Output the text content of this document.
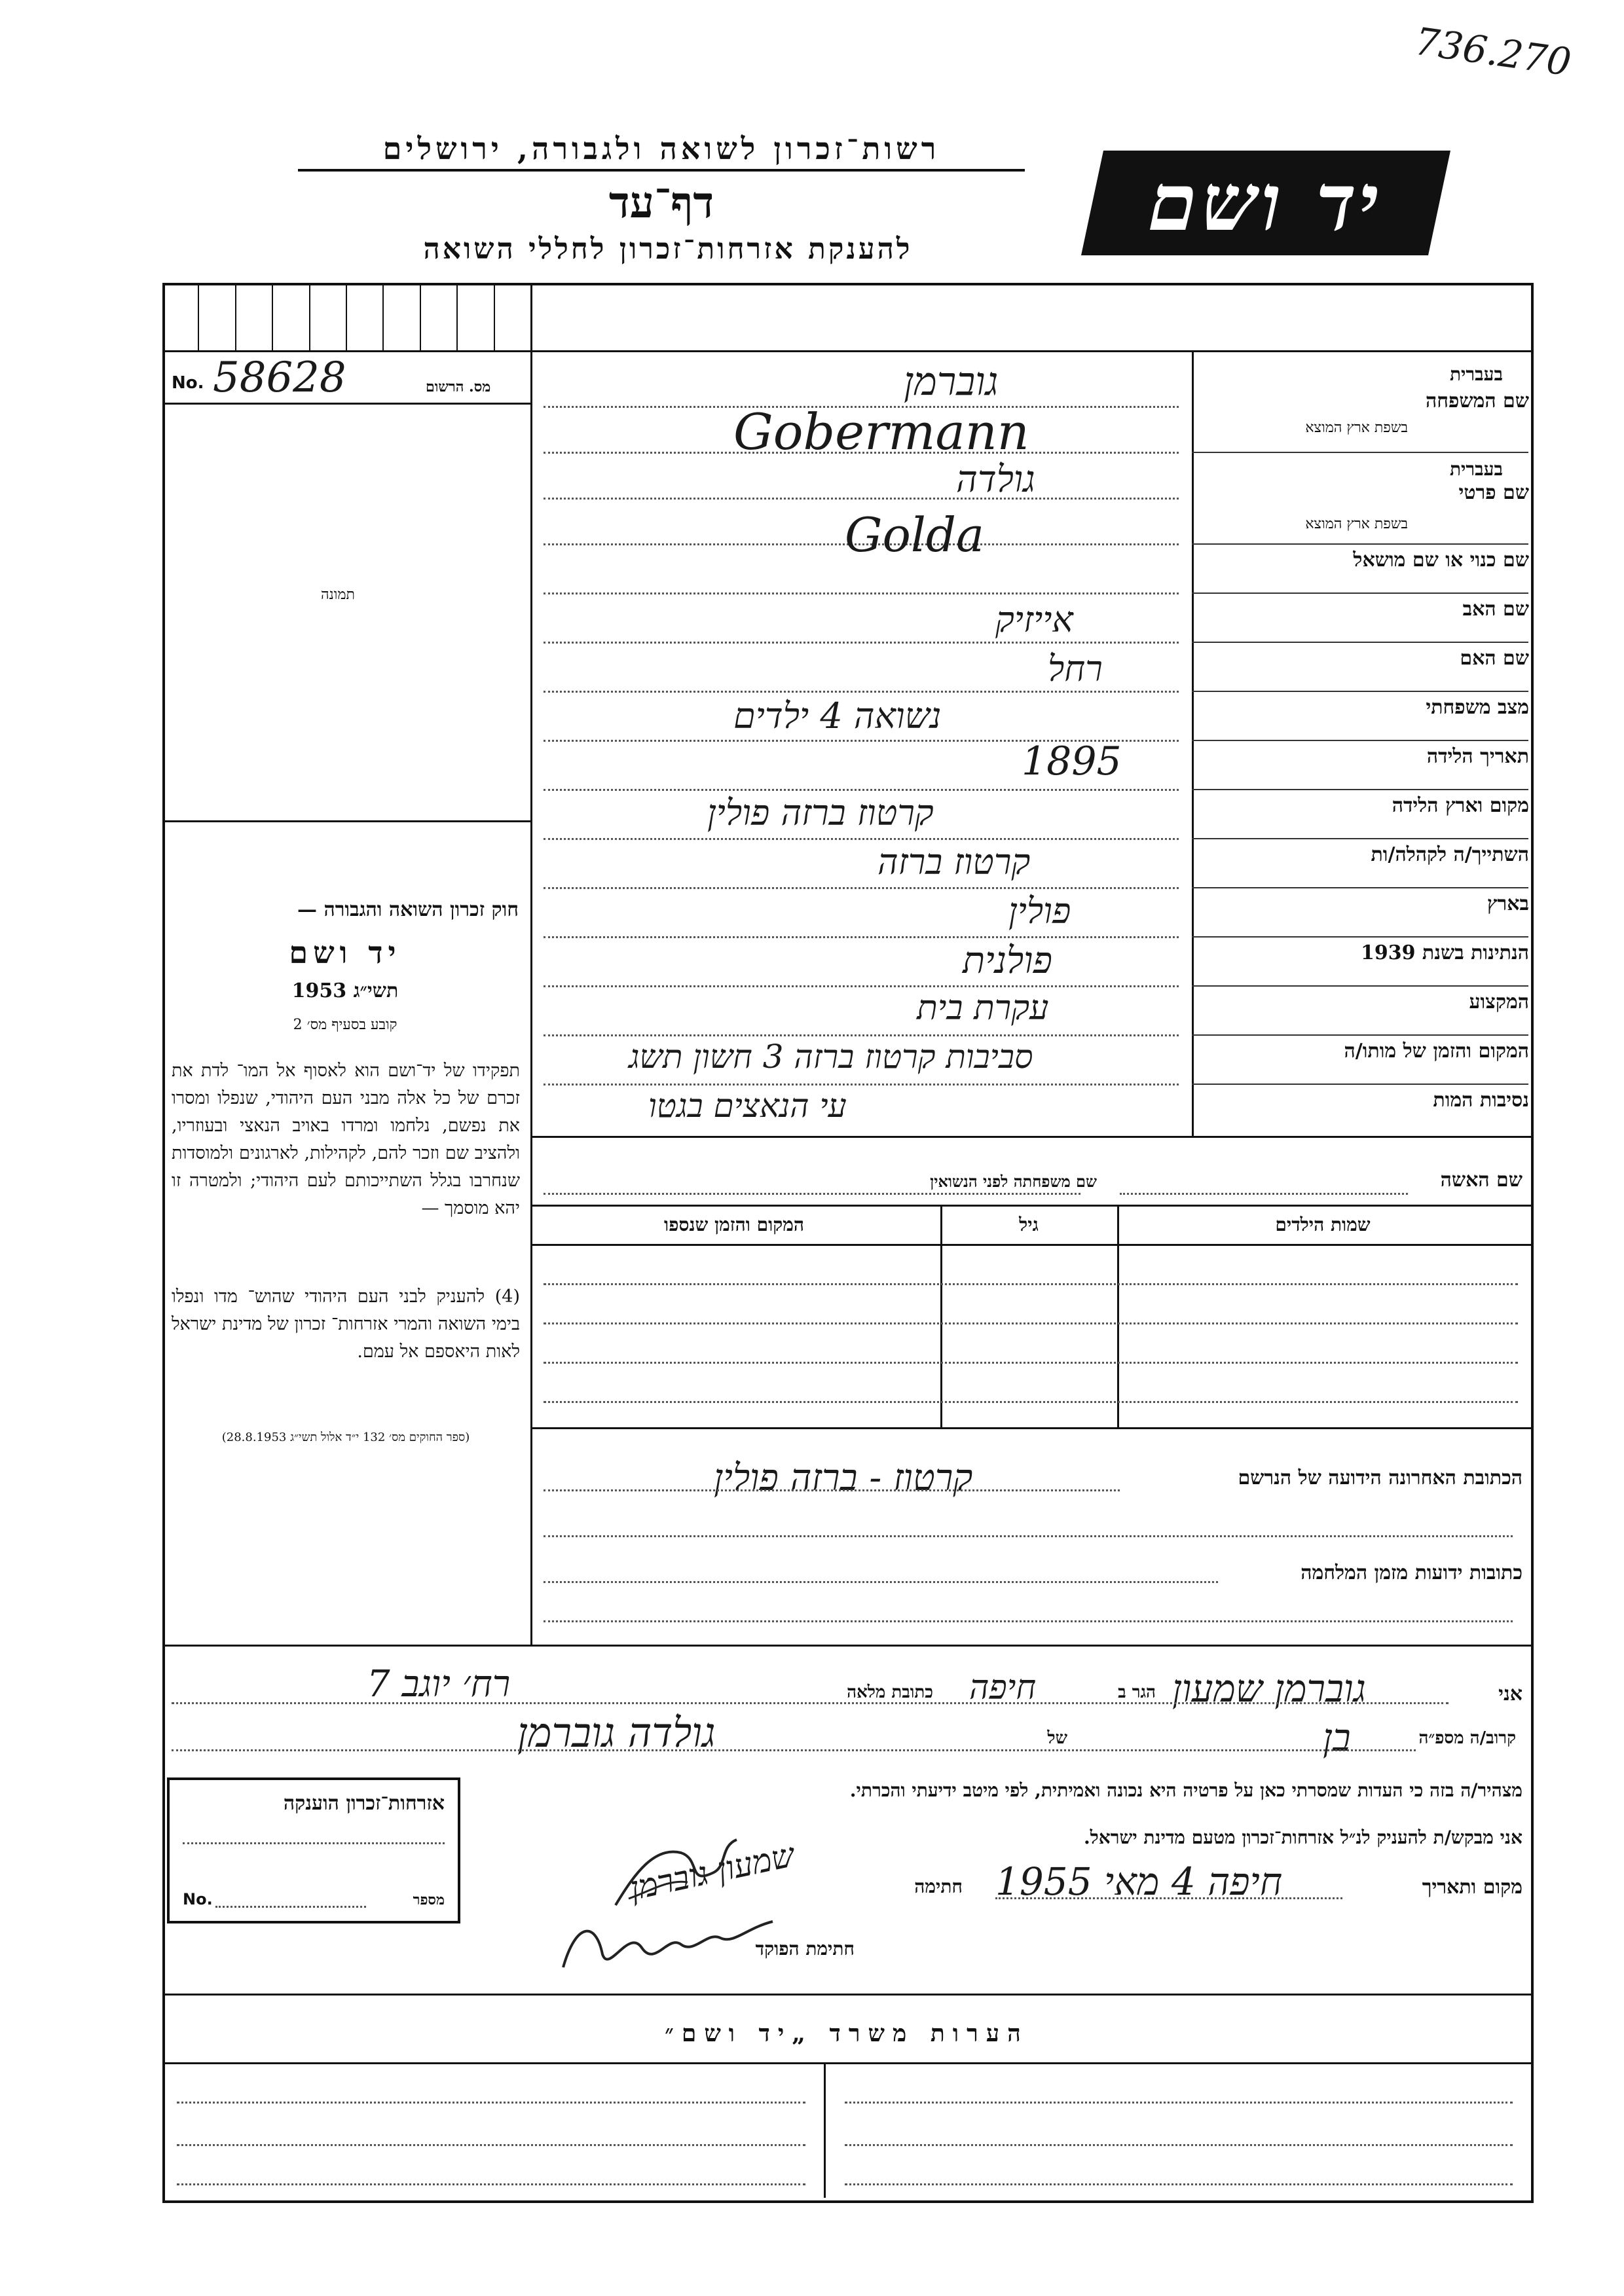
736.270
רשות־זכרון לשואה ולגבורה, ירושלים
דף־עד
להענקת אזרחות־זכרון לחללי השואה
יד ושם
No. 58628	מס. הרשום
תמונה
חוק זכרון השואה והגבורה —
יד ושם
תשי״ג 1953
קובע בסעיף מס׳ 2
תפקידו של יד־ושם הוא לאסוף אל המו־ לדת את זכרם של כל אלה מבני העם היהודי, שנפלו ומסרו את נפשם, נלחמו ומרדו באויב הנאצי ובעוזריו, ולהציב שם וזכר להם, לקהילות, לארגונים ולמוסדות שנחרבו בגלל השתייכותם לעם היהודי; ולמטרה זו יהא מוסמך —
(4) להעניק לבני העם היהודי שהוש־ מדו ונפלו בימי השואה והמרי אזרחות־ זכרון של מדינת ישראל לאות היאספם אל עמם.
(ספר החוקים מס׳ 132 י״ד אלול תשי״ג 28.8.1953)
שם המשפחה
בעברית
בשפת ארץ המוצא
שם פרטי
בעברית
בשפת ארץ המוצא
שם כנוי או שם מושאל
שם האב
שם האם
מצב משפחתי
תאריך הלידה
מקום וארץ הלידה
השתייך/ה לקהלה/ות
בארץ
הנתינות בשנת 1939
המקצוע
המקום והזמן של מותו/ה
נסיבות המות
גוברמן
Gobermann
גולדה
Golda
אייזיק
רחל
נשואה 4 ילדים
1895
קרטוז ברזה פולין
קרטוז ברזה
פולין
פולנית
עקרת בית
סביבות קרטוז ברזה 3 חשון תשג
עי הנאצים בגטו
שם האשה
שם משפחתה לפני הנשואין
שמות הילדים
גיל
המקום והזמן שנספו
הכתובת האחרונה הידועה של הנרשם
קרטוז - ברזה פולין
כתובות ידועות מזמן המלחמה
אני
גוברמן שמעון
הגר ב
חיפה
כתובת מלאה
רח׳ יוגב 7
קרוב/ה מספ״ה
בן
של
גולדה גוברמן
מצהיר/ה בזה כי העדות שמסרתי כאן על פרטיה היא נכונה ואמיתית, לפי מיטב ידיעתי והכרתי.
אני מבקש/ת להעניק לנ״ל אזרחות־זכרון מטעם מדינת ישראל.
מקום ותאריך
חיפה 4 מאי 1955
חתימה
שמעון גוברמן
חתימת הפוקד
אזרחות־זכרון הוענקה
מספר
No.
הערות משרד „יד ושם״
